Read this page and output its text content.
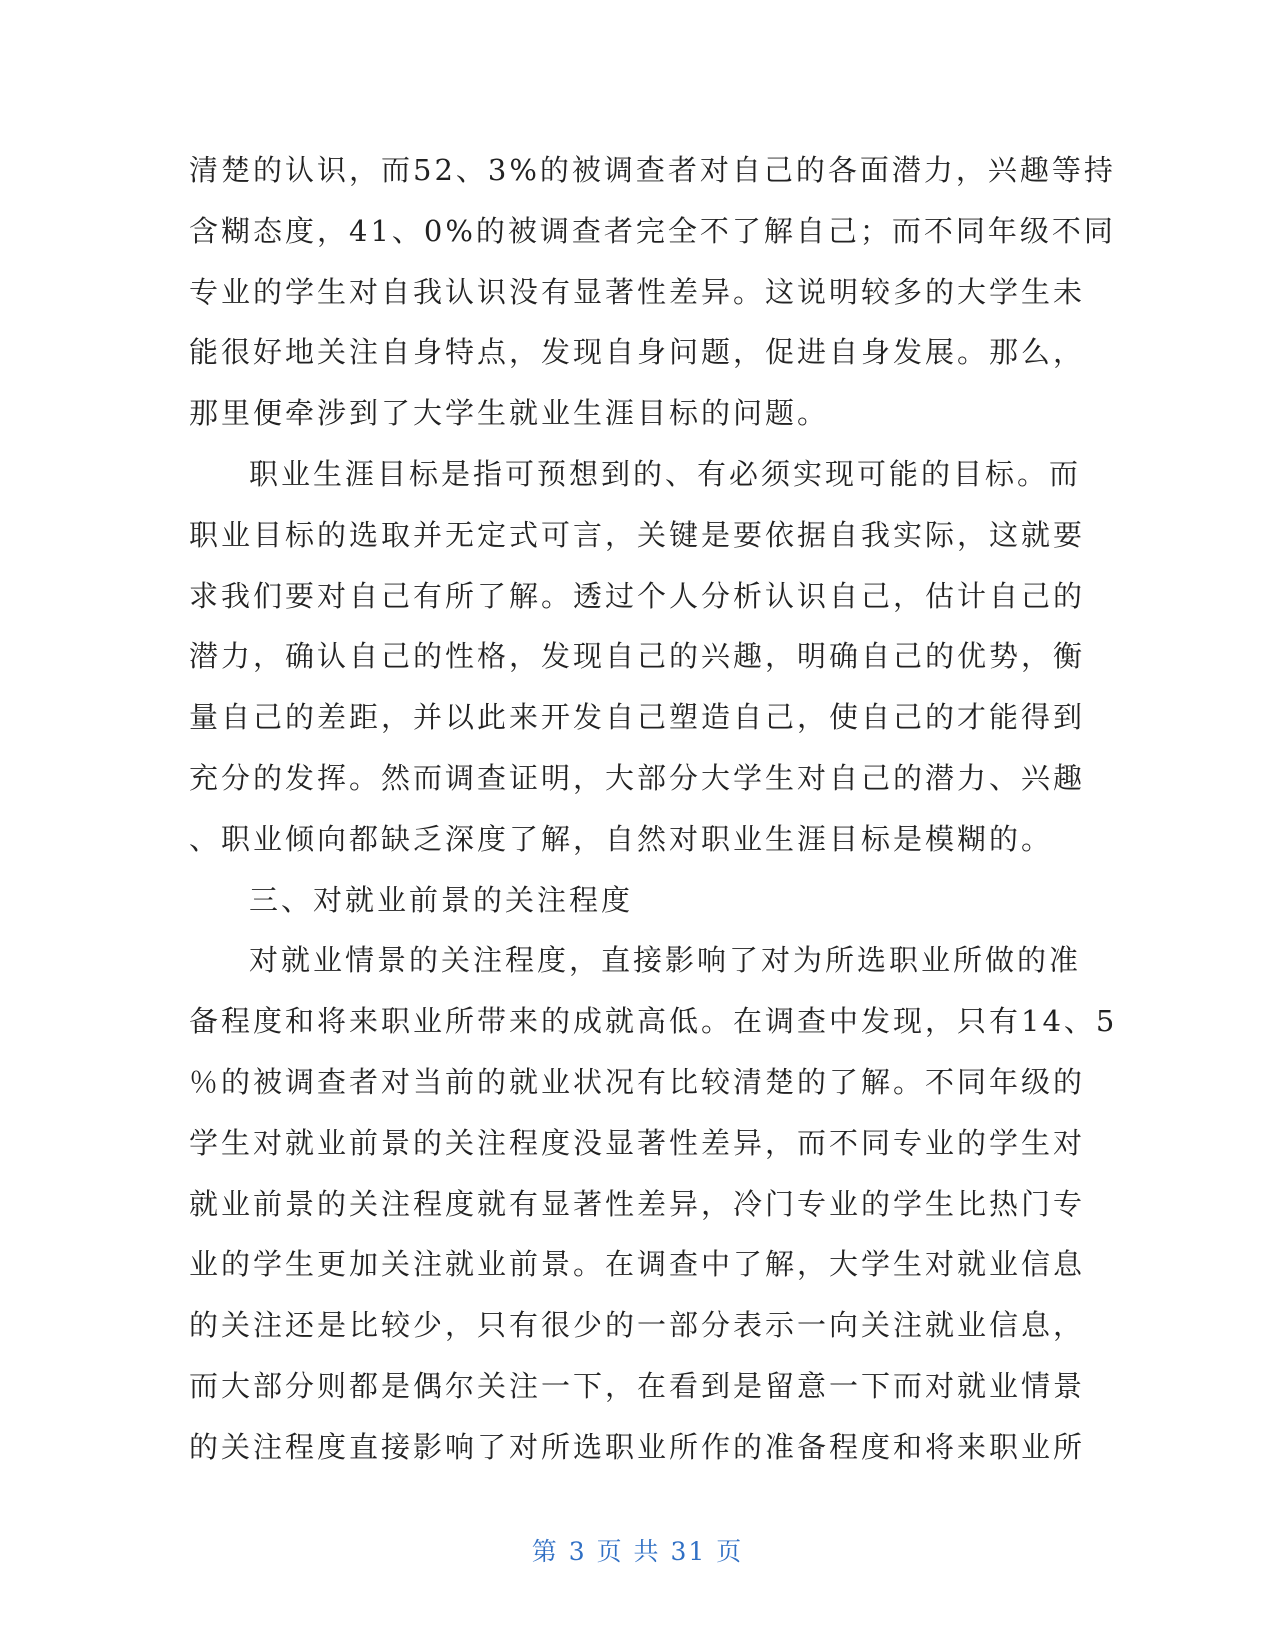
清楚的认识，而52、3%的被调查者对自己的各面潜力，兴趣等持
含糊态度，41、0%的被调查者完全不了解自己；而不同年级不同
专业的学生对自我认识没有显著性差异。这说明较多的大学生未
能很好地关注自身特点，发现自身问题，促进自身发展。那么，
那里便牵涉到了大学生就业生涯目标的问题。
职业生涯目标是指可预想到的、有必须实现可能的目标。而
职业目标的选取并无定式可言，关键是要依据自我实际，这就要
求我们要对自己有所了解。透过个人分析认识自己，估计自己的
潜力，确认自己的性格，发现自己的兴趣，明确自己的优势，衡
量自己的差距，并以此来开发自己塑造自己，使自己的才能得到
充分的发挥。然而调查证明，大部分大学生对自己的潜力、兴趣
、职业倾向都缺乏深度了解，自然对职业生涯目标是模糊的。
三、对就业前景的关注程度
对就业情景的关注程度，直接影响了对为所选职业所做的准
备程度和将来职业所带来的成就高低。在调查中发现，只有14、5
％的被调查者对当前的就业状况有比较清楚的了解。不同年级的
学生对就业前景的关注程度没显著性差异，而不同专业的学生对
就业前景的关注程度就有显著性差异，冷门专业的学生比热门专
业的学生更加关注就业前景。在调查中了解，大学生对就业信息
的关注还是比较少，只有很少的一部分表示一向关注就业信息，
而大部分则都是偶尔关注一下，在看到是留意一下而对就业情景
的关注程度直接影响了对所选职业所作的准备程度和将来职业所
第 3 页 共 31 页
